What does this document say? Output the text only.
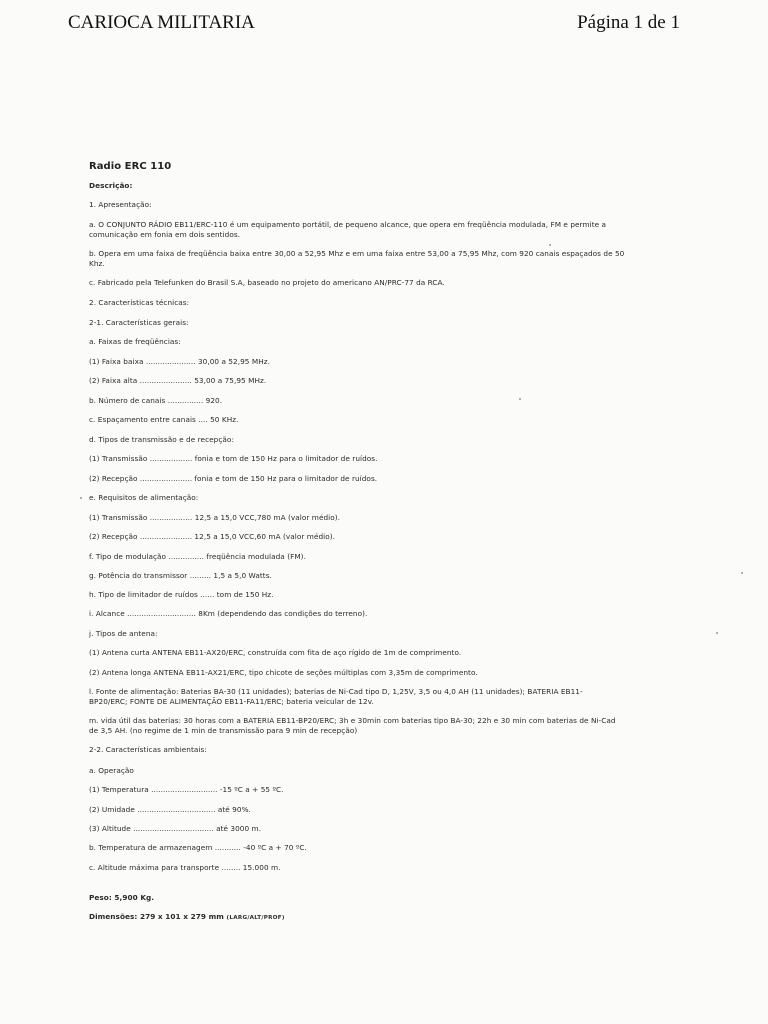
CARIOCA MILITARIA	Página 1 de 1
Radio ERC 110
Descrição:
1. Apresentação:
a. O CONJUNTO RÁDIO EB11/ERC-110 é um equipamento portátil, de pequeno alcance, que opera em freqüência modulada, FM e permite a
comunicação em fonia em dois sentidos.
b. Opera em uma faixa de freqüência baixa entre 30,00 a 52,95 Mhz e em uma faixa entre 53,00 a 75,95 Mhz, com 920 canais espaçados de 50
Khz.
c. Fabricado pela Telefunken do Brasil S.A, baseado no projeto do americano AN/PRC-77 da RCA.
2. Características técnicas:
2-1. Características gerais:
a. Faixas de freqüências:
(1) Faixa baixa ..................... 30,00 a 52,95 MHz.
(2) Faixa alta ...................... 53,00 a 75,95 MHz.
b. Número de canais ............... 920.
c. Espaçamento entre canais .... 50 KHz.
d. Tipos de transmissão e de recepção:
(1) Transmissão .................. fonia e tom de 150 Hz para o limitador de ruídos.
(2) Recepção ...................... fonia e tom de 150 Hz para o limitador de ruídos.
e. Requisitos de alimentação:
(1) Transmissão .................. 12,5 a 15,0 VCC,780 mA (valor médio).
(2) Recepção ...................... 12,5 a 15,0 VCC,60 mA (valor médio).
f. Tipo de modulação ............... freqüência modulada (FM).
g. Potência do transmissor ......... 1,5 a 5,0 Watts.
h. Tipo de limitador de ruídos ...... tom de 150 Hz.
i. Alcance ............................. 8Km (dependendo das condições do terreno).
j. Tipos de antena:
(1) Antena curta ANTENA EB11-AX20/ERC, construída com fita de aço rígido de 1m de comprimento.
(2) Antena longa ANTENA EB11-AX21/ERC, tipo chicote de seções múltiplas com 3,35m de comprimento.
l. Fonte de alimentação: Baterias BA-30 (11 unidades); baterias de Ni-Cad tipo D, 1,25V, 3,5 ou 4,0 AH (11 unidades); BATERIA EB11-
BP20/ERC; FONTE DE ALIMENTAÇÃO EB11-FA11/ERC; bateria veicular de 12v.
m. vida útil das baterias: 30 horas com a BATERIA EB11-BP20/ERC; 3h e 30min com baterias tipo BA-30; 22h e 30 min com baterias de Ni-Cad
de 3,5 AH. (no regime de 1 min de transmissão para 9 min de recepção)
2-2. Características ambientais:
a. Operação
(1) Temperatura ............................ -15 ºC a + 55 ºC.
(2) Umidade ................................. até 90%.
(3) Altitude .................................. até 3000 m.
b. Temperatura de armazenagem ........... -40 ºC a + 70 ºC.
c. Altitude máxima para transporte ........ 15.000 m.
Peso: 5,900 Kg.
Dimensões: 279 x 101 x 279 mm (LARG/ALT/PROF)
